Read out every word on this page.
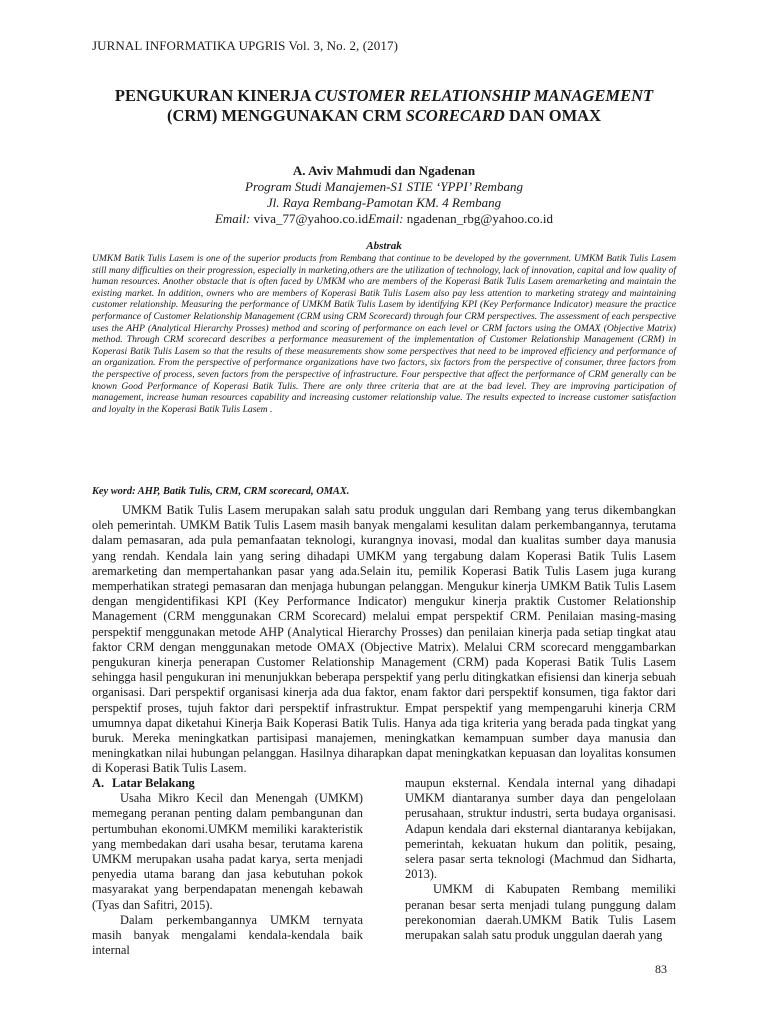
JURNAL INFORMATIKA UPGRIS Vol. 3, No. 2, (2017)
PENGUKURAN KINERJA CUSTOMER RELATIONSHIP MANAGEMENT (CRM) MENGGUNAKAN CRM SCORECARD DAN OMAX
A. Aviv Mahmudi dan Ngadenan
Program Studi Manajemen-S1 STIE ‘YPPI’ Rembang
Jl. Raya Rembang-Pamotan KM. 4 Rembang
Email: viva_77@yahoo.co.idEmail: ngadenan_rbg@yahoo.co.id
Abstrak

UMKM Batik Tulis Lasem is one of the superior products from Rembang that continue to be developed by the government. UMKM Batik Tulis Lasem still many difficulties on their progression, especially in marketing,others are the utilization of technology, lack of innovation, capital and low quality of human resources. Another obstacle that is often faced by UMKM who are members of the Koperasi Batik Tulis Lasem aremarketing and maintain the existing market. In addition, owners who are members of Koperasi Batik Tulis Lasem also pay less attention to marketing strategy and maintaining customer relationship. Measuring the performance of UMKM Batik Tulis Lasem by identifying KPI (Key Performance Indicator) measure the practice performance of Customer Relationship Management (CRM using CRM Scorecard) through four CRM perspectives. The assessment of each perspective uses the AHP (Analytical Hierarchy Prosses) method and scoring of performance on each level or CRM factors using the OMAX (Objective Matrix) method. Through CRM scorecard describes a performance measurement of the implementation of Customer Relationship Management (CRM) in Koperasi Batik Tulis Lasem so that the results of these measurements show some perspectives that need to be improved efficiency and performance of an organization. From the perspective of performance organizations have two factors, six factors from the perspective of consumer, three factors from the perspective of process, seven factors from the perspective of infrastructure. Four perspective that affect the performance of CRM generally can be known Good Performance of Koperasi Batik Tulis. There are only three criteria that are at the bad level. They are improving participation of management, increase human resources capability and increasing customer relationship value. The results expected to increase customer satisfaction and loyalty in the Koperasi Batik Tulis Lasem .

Key word: AHP, Batik Tulis, CRM, CRM scorecard, OMAX.

UMKM Batik Tulis Lasem merupakan salah satu produk unggulan dari Rembang yang terus dikembangkan oleh pemerintah. UMKM Batik Tulis Lasem masih banyak mengalami kesulitan dalam perkembangannya, terutama dalam pemasaran, ada pula pemanfaatan teknologi, kurangnya inovasi, modal dan kualitas sumber daya manusia yang rendah. Kendala lain yang sering dihadapi UMKM yang tergabung dalam Koperasi Batik Tulis Lasem aremarketing dan mempertahankan pasar yang ada.Selain itu, pemilik Koperasi Batik Tulis Lasem juga kurang memperhatikan strategi pemasaran dan menjaga hubungan pelanggan. Mengukur kinerja UMKM Batik Tulis Lasem dengan mengidentifikasi KPI (Key Performance Indicator) mengukur kinerja praktik Customer Relationship Management (CRM menggunakan CRM Scorecard) melalui empat perspektif CRM. Penilaian masing-masing perspektif menggunakan metode AHP (Analytical Hierarchy Prosses) dan penilaian kinerja pada setiap tingkat atau faktor CRM dengan menggunakan metode OMAX (Objective Matrix). Melalui CRM scorecard menggambarkan pengukuran kinerja penerapan Customer Relationship Management (CRM) pada Koperasi Batik Tulis Lasem sehingga hasil pengukuran ini menunjukkan beberapa perspektif yang perlu ditingkatkan efisiensi dan kinerja sebuah organisasi. Dari perspektif organisasi kinerja ada dua faktor, enam faktor dari perspektif konsumen, tiga faktor dari perspektif proses, tujuh faktor dari perspektif infrastruktur. Empat perspektif yang mempengaruhi kinerja CRM umumnya dapat diketahui Kinerja Baik Koperasi Batik Tulis. Hanya ada tiga kriteria yang berada pada tingkat yang buruk. Mereka meningkatkan partisipasi manajemen, meningkatkan kemampuan sumber daya manusia dan meningkatkan nilai hubungan pelanggan. Hasilnya diharapkan dapat meningkatkan kepuasan dan loyalitas konsumen di Koperasi Batik Tulis Lasem.

A. Latar Belakang

Usaha Mikro Kecil dan Menengah (UMKM) memegang peranan penting dalam pembangunan dan pertumbuhan ekonomi.UMKM memiliki karakteristik yang membedakan dari usaha besar, terutama karena UMKM merupakan usaha padat karya, serta menjadi penyedia utama barang dan jasa kebutuhan pokok masyarakat yang berpendapatan menengah kebawah (Tyas dan Safitri, 2015).

Dalam perkembangannya UMKM ternyata masih banyak mengalami kendala-kendala baik internal

maupun eksternal. Kendala internal yang dihadapi UMKM diantaranya sumber daya dan pengelolaan perusahaan, struktur industri, serta budaya organisasi. Adapun kendala dari eksternal diantaranya kebijakan, pemerintah, kekuatan hukum dan politik, pesaing, selera pasar serta teknologi (Machmud dan Sidharta, 2013).

UMKM di Kabupaten Rembang memiliki peranan besar serta menjadi tulang punggung dalam perekonomian daerah.UMKM Batik Tulis Lasem merupakan salah satu produk unggulan daerah yang

83
